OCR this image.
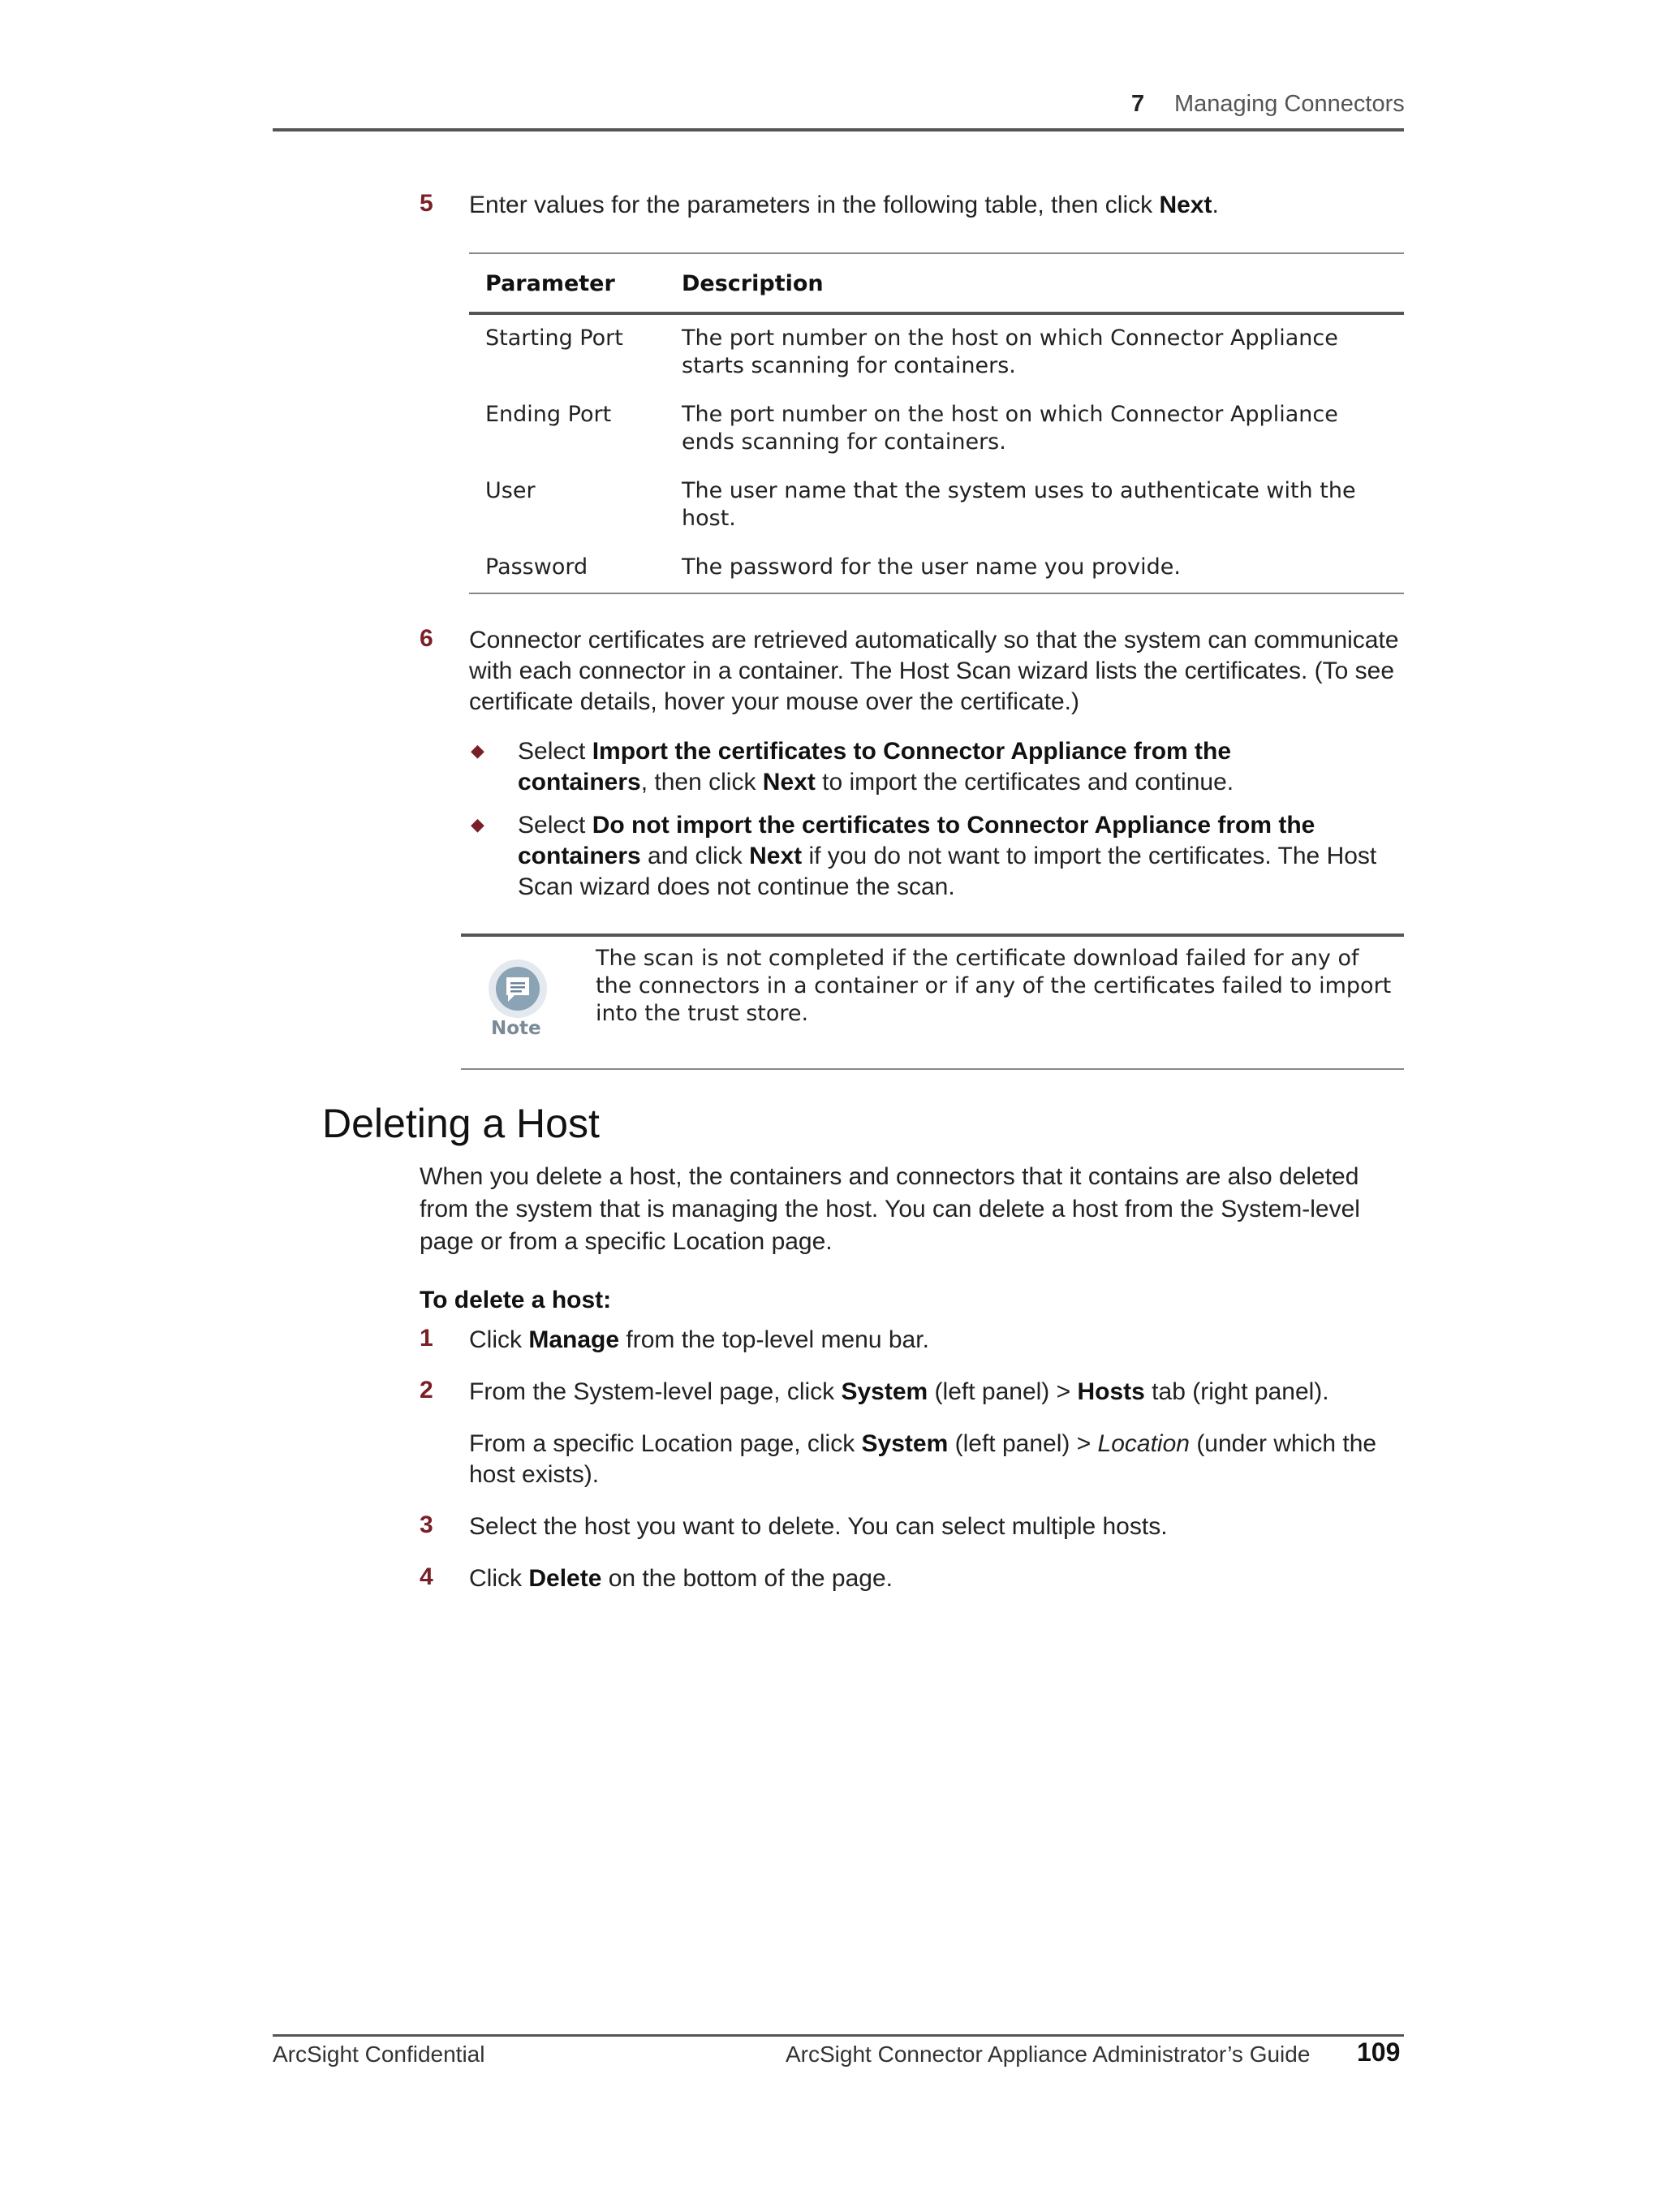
7 Managing Connectors
5 Enter values for the parameters in the following table, then click Next.
Parameter	Description
Starting Port	The port number on the host on which Connector Appliance
starts scanning for containers.
Ending Port	The port number on the host on which Connector Appliance
ends scanning for containers.
User	The user name that the system uses to authenticate with the
host.
Password	The password for the user name you provide.
6 Connector certificates are retrieved automatically so that the system can communicate
with each connector in a container. The Host Scan wizard lists the certificates. (To see
certificate details, hover your mouse over the certificate.)
◆ Select Import the certificates to Connector Appliance from the
containers, then click Next to import the certificates and continue.
◆ Select Do not import the certificates to Connector Appliance from the
containers and click Next if you do not want to import the certificates. The Host
Scan wizard does not continue the scan.
Note
The scan is not completed if the certificate download failed for any of
the connectors in a container or if any of the certificates failed to import
into the trust store.
Deleting a Host
When you delete a host, the containers and connectors that it contains are also deleted
from the system that is managing the host. You can delete a host from the System-level
page or from a specific Location page.
To delete a host:
1 Click Manage from the top-level menu bar.
2 From the System-level page, click System (left panel) > Hosts tab (right panel).
From a specific Location page, click System (left panel) > Location (under which the
host exists).
3 Select the host you want to delete. You can select multiple hosts.
4 Click Delete on the bottom of the page.
ArcSight Confidential	ArcSight Connector Appliance Administrator’s Guide 109
